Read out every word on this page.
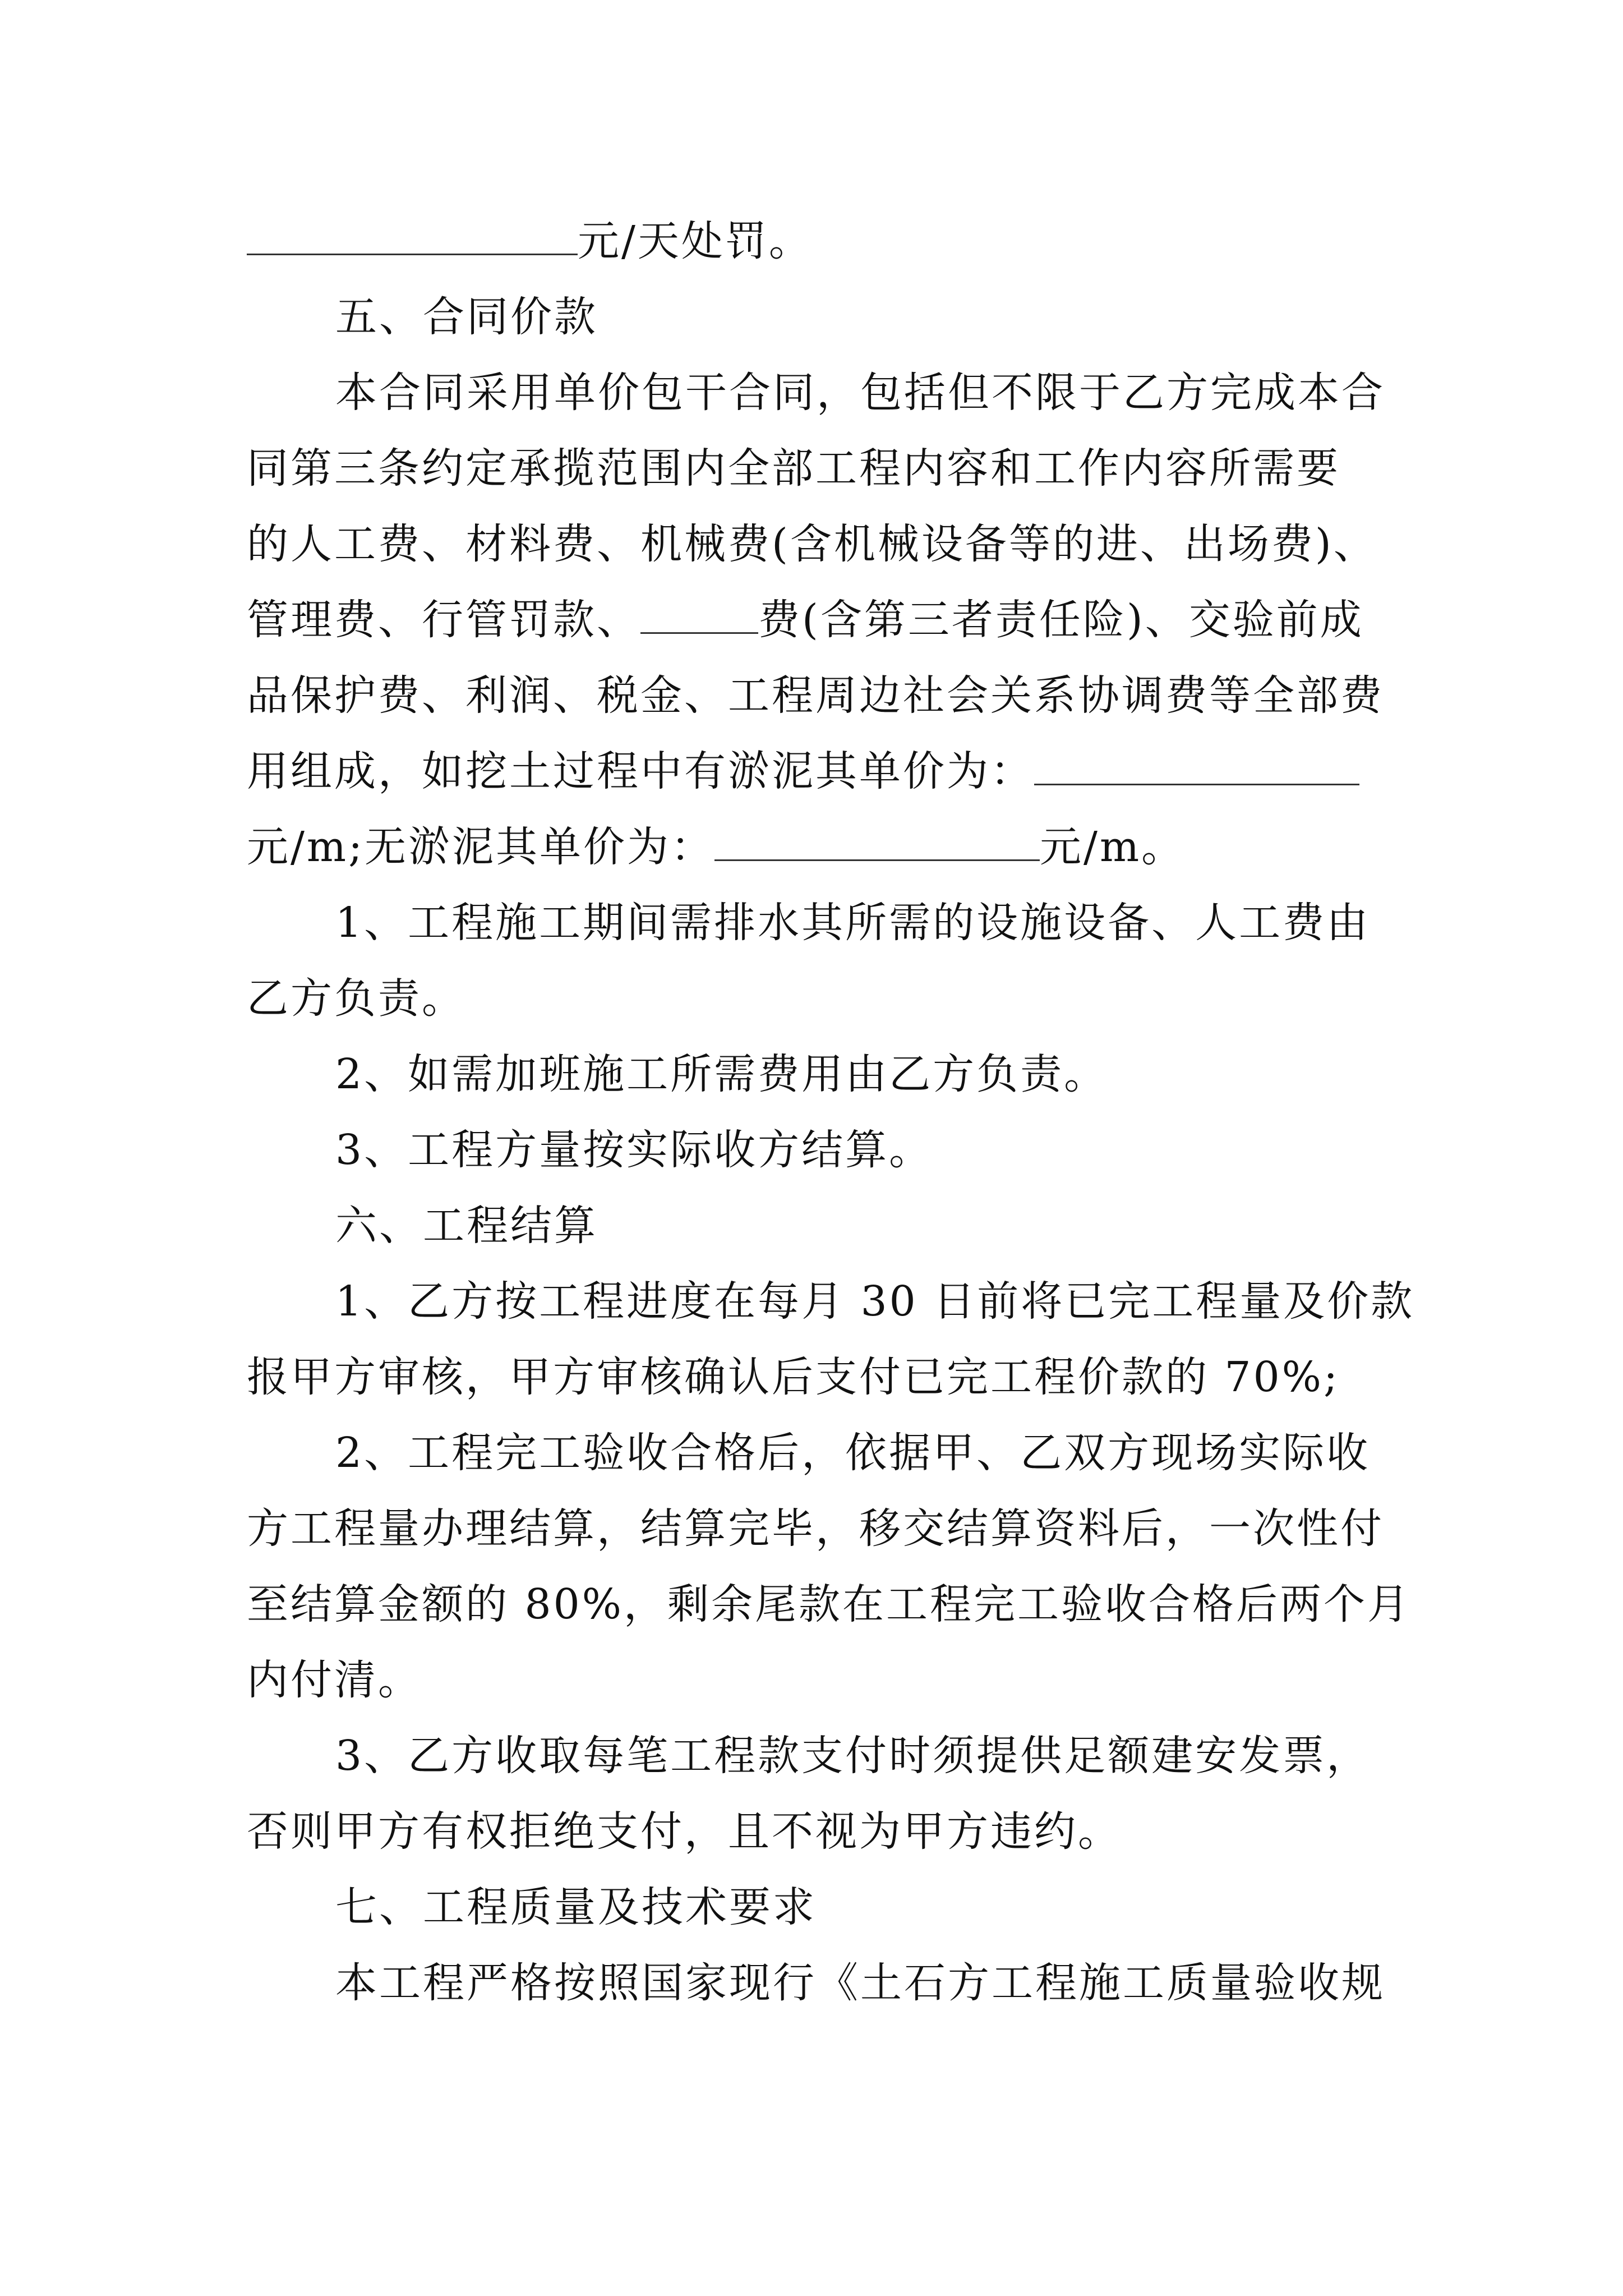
元/天处罚。
五、合同价款
本合同采用单价包干合同，包括但不限于乙方完成本合
同第三条约定承揽范围内全部工程内容和工作内容所需要
的人工费、材料费、机械费(含机械设备等的进、出场费)、
管理费、行管罚款、	费(含第三者责任险)、交验前成
品保护费、利润、税金、工程周边社会关系协调费等全部费
用组成，如挖土过程中有淤泥其单价为：
元/m;无淤泥其单价为：	元/m。
1、工程施工期间需排水其所需的设施设备、人工费由
乙方负责。
2、如需加班施工所需费用由乙方负责。
3、工程方量按实际收方结算。
六、工程结算
1、乙方按工程进度在每月 30 日前将已完工程量及价款
报甲方审核，甲方审核确认后支付已完工程价款的 70%;
2、工程完工验收合格后，依据甲、乙双方现场实际收
方工程量办理结算，结算完毕，移交结算资料后，一次性付
至结算金额的 80%，剩余尾款在工程完工验收合格后两个月
内付清。
3、乙方收取每笔工程款支付时须提供足额建安发票，
否则甲方有权拒绝支付，且不视为甲方违约。
七、工程质量及技术要求
本工程严格按照国家现行《土石方工程施工质量验收规
